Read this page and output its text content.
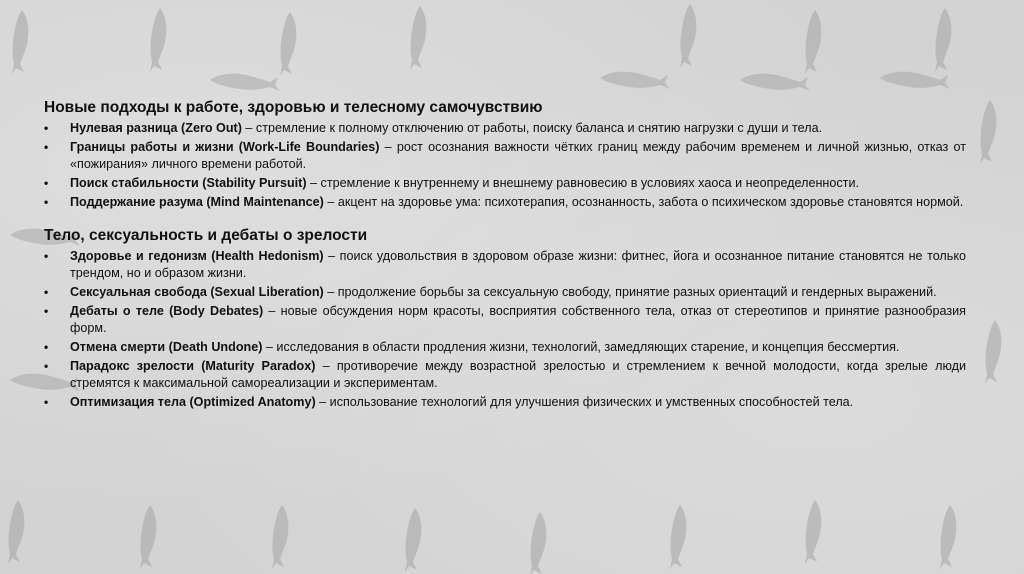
Новые подходы к работе, здоровью и телесному самочувствию
• Нулевая разница (Zero Out) – стремление к полному отключению от работы, поиску баланса и снятию нагрузки с души и тела.
• Границы работы и жизни (Work-Life Boundaries) – рост осознания важности чётких границ между рабочим временем и личной жизнью, отказ от «пожирания» личного времени работой.
• Поиск стабильности (Stability Pursuit) – стремление к внутреннему и внешнему равновесию в условиях хаоса и неопределенности.
• Поддержание разума (Mind Maintenance) – акцент на здоровье ума: психотерапия, осознанность, забота о психическом здоровье становятся нормой.
Тело, сексуальность и дебаты о зрелости
• Здоровье и гедонизм (Health Hedonism) – поиск удовольствия в здоровом образе жизни: фитнес, йога и осознанное питание становятся не только трендом, но и образом жизни.
• Сексуальная свобода (Sexual Liberation) – продолжение борьбы за сексуальную свободу, принятие разных ориентаций и гендерных выражений.
• Дебаты о теле (Body Debates) – новые обсуждения норм красоты, восприятия собственного тела, отказ от стереотипов и принятие разнообразия форм.
• Отмена смерти (Death Undone) – исследования в области продления жизни, технологий, замедляющих старение, и концепция бессмертия.
• Парадокс зрелости (Maturity Paradox) – противоречие между возрастной зрелостью и стремлением к вечной молодости, когда зрелые люди стремятся к максимальной самореализации и экспериментам.
• Оптимизация тела (Optimized Anatomy) – использование технологий для улучшения физических и умственных способностей тела.
